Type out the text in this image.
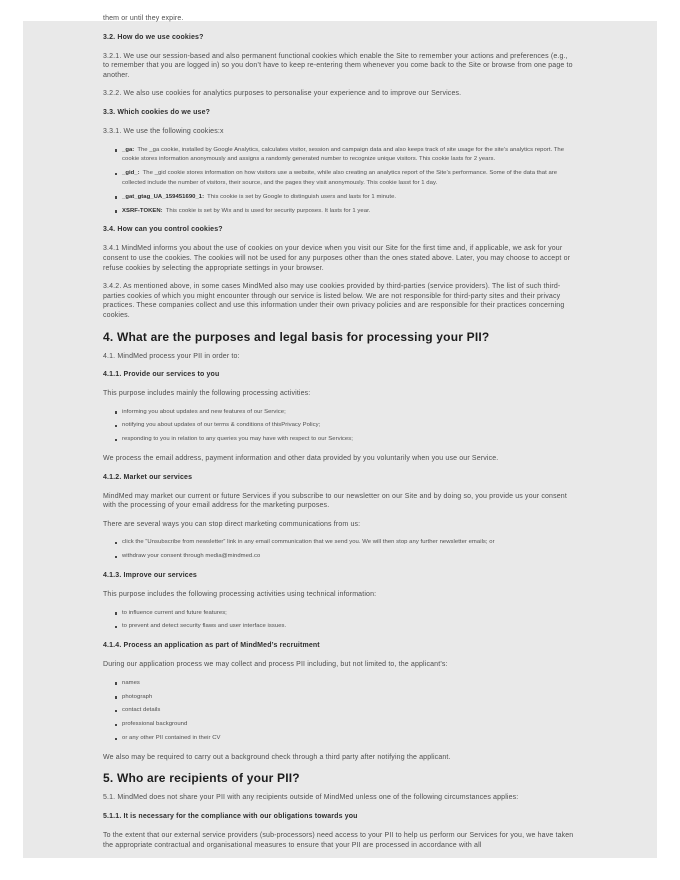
them or until they expire.

3.2. How do we use cookies?

3.2.1. We use our session-based and also permanent functional cookies which enable the Site to remember your actions and preferences (e.g., to remember that you are logged in) so you don’t have to keep re-entering them whenever you come back to the Site or browse from one page to another.

3.2.2. We also use cookies for analytics purposes to personalise your experience and to improve our Services.

3.3. Which cookies do we use?

3.3.1. We use the following cookies:x

_ga: The _ga cookie, installed by Google Analytics, calculates visitor, session and campaign data and also keeps track of site usage for the site’s analytics report. The cookie stores information anonymously and assigns a randomly generated number to recognize unique visitors. This cookie lasts for 2 years.
_gid_: The _gid cookie stores information on how visitors use a website, while also creating an analytics report of the Site’s performance. Some of the data that are collected include the number of visitors, their source, and the pages they visit anonymously. This cookie lasst for 1 day.
_gat_gtag_UA_159451690_1: This cookie is set by Google to distinguish users and lasts for 1 minute.
XSRF-TOKEN: This cookie is set by Wix and is used for security purposes. It lasts for 1 year.
3.4. How can you control cookies?

3.4.1 MindMed informs you about the use of cookies on your device when you visit our Site for the first time and, if applicable, we ask for your consent to use the cookies. The cookies will not be used for any purposes other than the ones stated above. Later, you may choose to accept or refuse cookies by selecting the appropriate settings in your browser.

3.4.2. As mentioned above, in some cases MindMed also may use cookies provided by third-parties (service providers). The list of such third-parties cookies of which you might encounter through our service is listed below. We are not responsible for third-party sites and their privacy practices. These companies collect and use this information under their own privacy policies and are responsible for their practices concerning cookies.

4. What are the purposes and legal basis for processing your PII?

4.1. MindMed process your PII in order to:

4.1.1. Provide our services to you

This purpose includes mainly the following processing activities:

informing you about updates and new features of our Service;
notifying you about updates of our terms & conditions of thisPrivacy Policy;
responding to you in relation to any queries you may have with respect to our Services;

We process the email address, payment information and other data provided by you voluntarily when you use our Service.

4.1.2. Market our services

MindMed may market our current or future Services if you subscribe to our newsletter on our Site and by doing so, you provide us your consent with the processing of your email address for the marketing purposes.

There are several ways you can stop direct marketing communications from us:

click the “Unsubscribe from newsletter” link in any email communication that we send you. We will then stop any further newsletter emails; or
withdraw your consent through media@mindmed.co
4.1.3. Improve our services

This purpose includes the following processing activities using technical information:

to influence current and future features;
to prevent and detect security flaws and user interface issues.
4.1.4. Process an application as part of MindMed’s recruitment

During our application process we may collect and process PII including, but not limited to, the applicant’s:

names
photograph
contact details
professional background
or any other PII contained in their CV

We also may be required to carry out a background check through a third party after notifying the applicant.

5. Who are recipients of your PII?

5.1. MindMed does not share your PII with any recipients outside of MindMed unless one of the following circumstances applies:

5.1.1. It is necessary for the compliance with our obligations towards you

To the extent that our external service providers (sub-processors) need access to your PII to help us perform our Services for you, we have taken the appropriate contractual and organisational measures to ensure that your PII are processed in accordance with all
